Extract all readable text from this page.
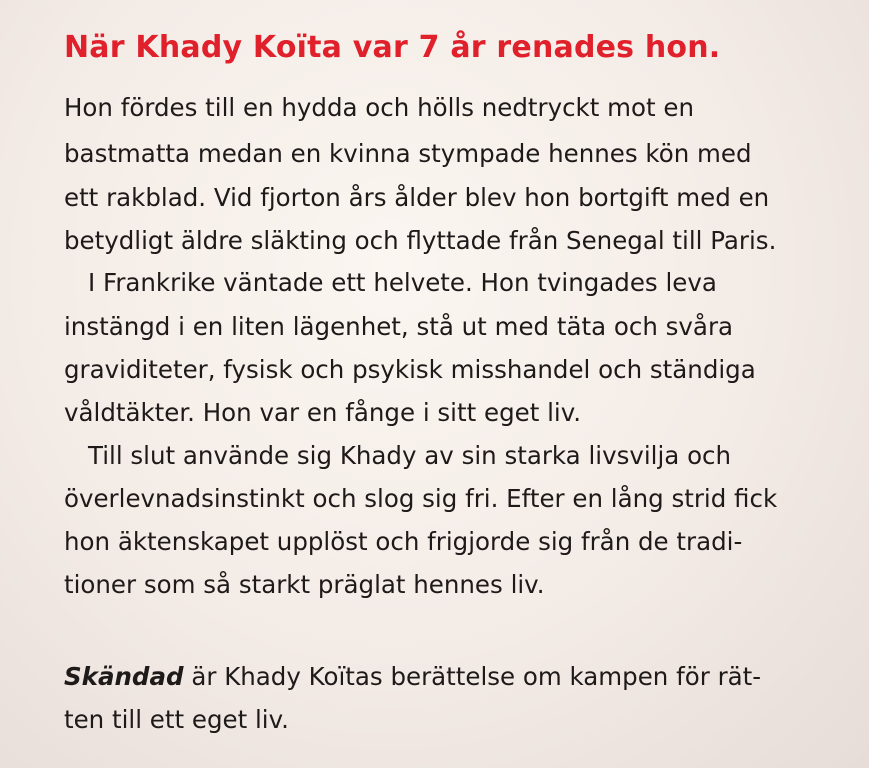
När Khady Koïta var 7 år renades hon.

Hon fördes till en hydda och hölls nedtryckt mot en

bastmatta medan en kvinna stympade hennes kön med

ett rakblad. Vid fjorton års ålder blev hon bortgift med en

betydligt äldre släkting och flyttade från Senegal till Paris.

I Frankrike väntade ett helvete. Hon tvingades leva

instängd i en liten lägenhet, stå ut med täta och svåra

graviditeter, fysisk och psykisk misshandel och ständiga

våldtäkter. Hon var en fånge i sitt eget liv.

Till slut använde sig Khady av sin starka livsvilja och

överlevnadsinstinkt och slog sig fri. Efter en lång strid fick

hon äktenskapet upplöst och frigjorde sig från de tradi-

tioner som så starkt präglat hennes liv.

Skändad är Khady Koïtas berättelse om kampen för rät-

ten till ett eget liv.
